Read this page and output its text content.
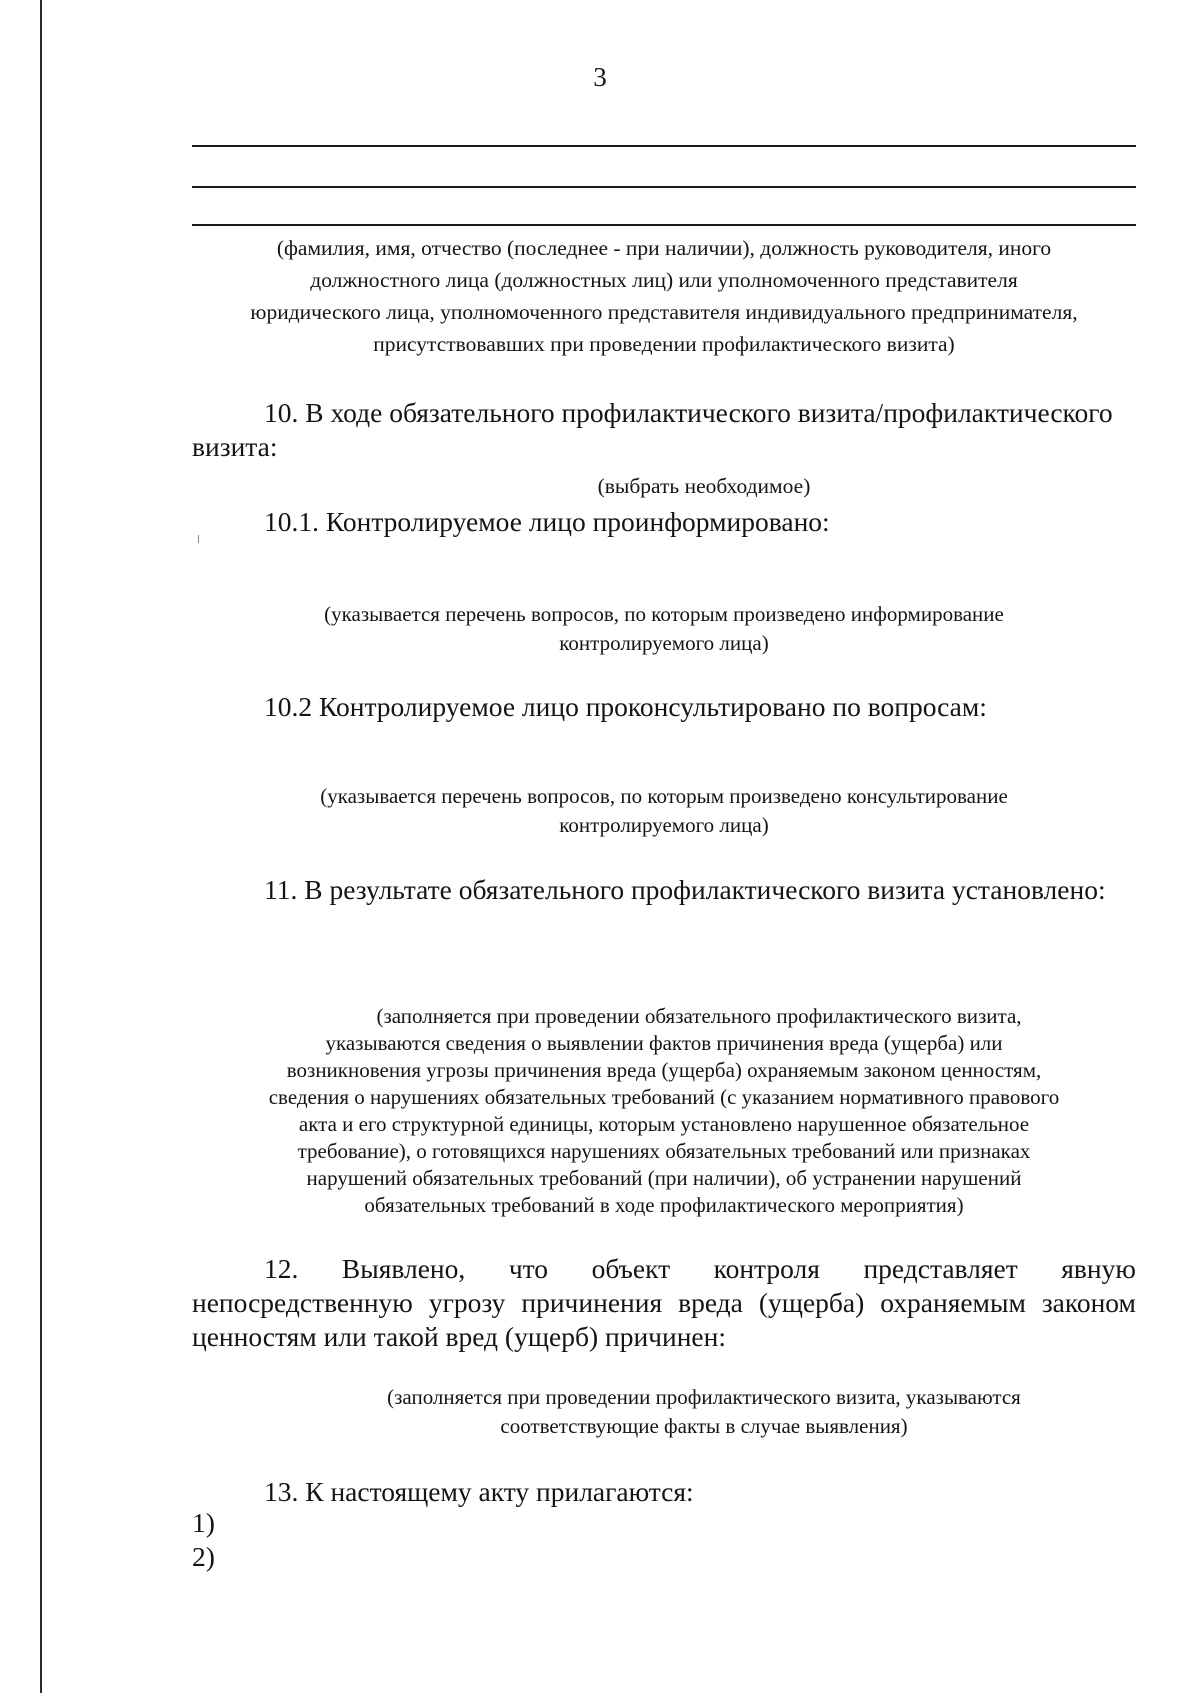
3
(фамилия, имя, отчество (последнее - при наличии), должность руководителя, иного
должностного лица (должностных лиц) или уполномоченного представителя
юридического лица, уполномоченного представителя индивидуального предпринимателя,
присутствовавших при проведении профилактического визита)
10. В ходе обязательного профилактического визита/профилактического
визита:
(выбрать необходимое)
10.1. Контролируемое лицо проинформировано:
(указывается перечень вопросов, по которым произведено информирование
контролируемого лица)
10.2 Контролируемое лицо проконсультировано по вопросам:
(указывается перечень вопросов, по которым произведено консультирование
контролируемого лица)
11. В результате обязательного профилактического визита установлено:
(заполняется при проведении обязательного профилактического визита,
указываются сведения о выявлении фактов причинения вреда (ущерба) или
возникновения угрозы причинения вреда (ущерба) охраняемым законом ценностям,
сведения о нарушениях обязательных требований (с указанием нормативного правового
акта и его структурной единицы, которым установлено нарушенное обязательное
требование), о готовящихся нарушениях обязательных требований или признаках
нарушений обязательных требований (при наличии), об устранении нарушений
обязательных требований в ходе профилактического мероприятия)
12. Выявлено, что объект контроля представляет явную
непосредственную угрозу причинения вреда (ущерба) охраняемым законом
ценностям или такой вред (ущерб) причинен:
(заполняется при проведении профилактического визита, указываются
соответствующие факты в случае выявления)
13. К настоящему акту прилагаются:
1)
2)
